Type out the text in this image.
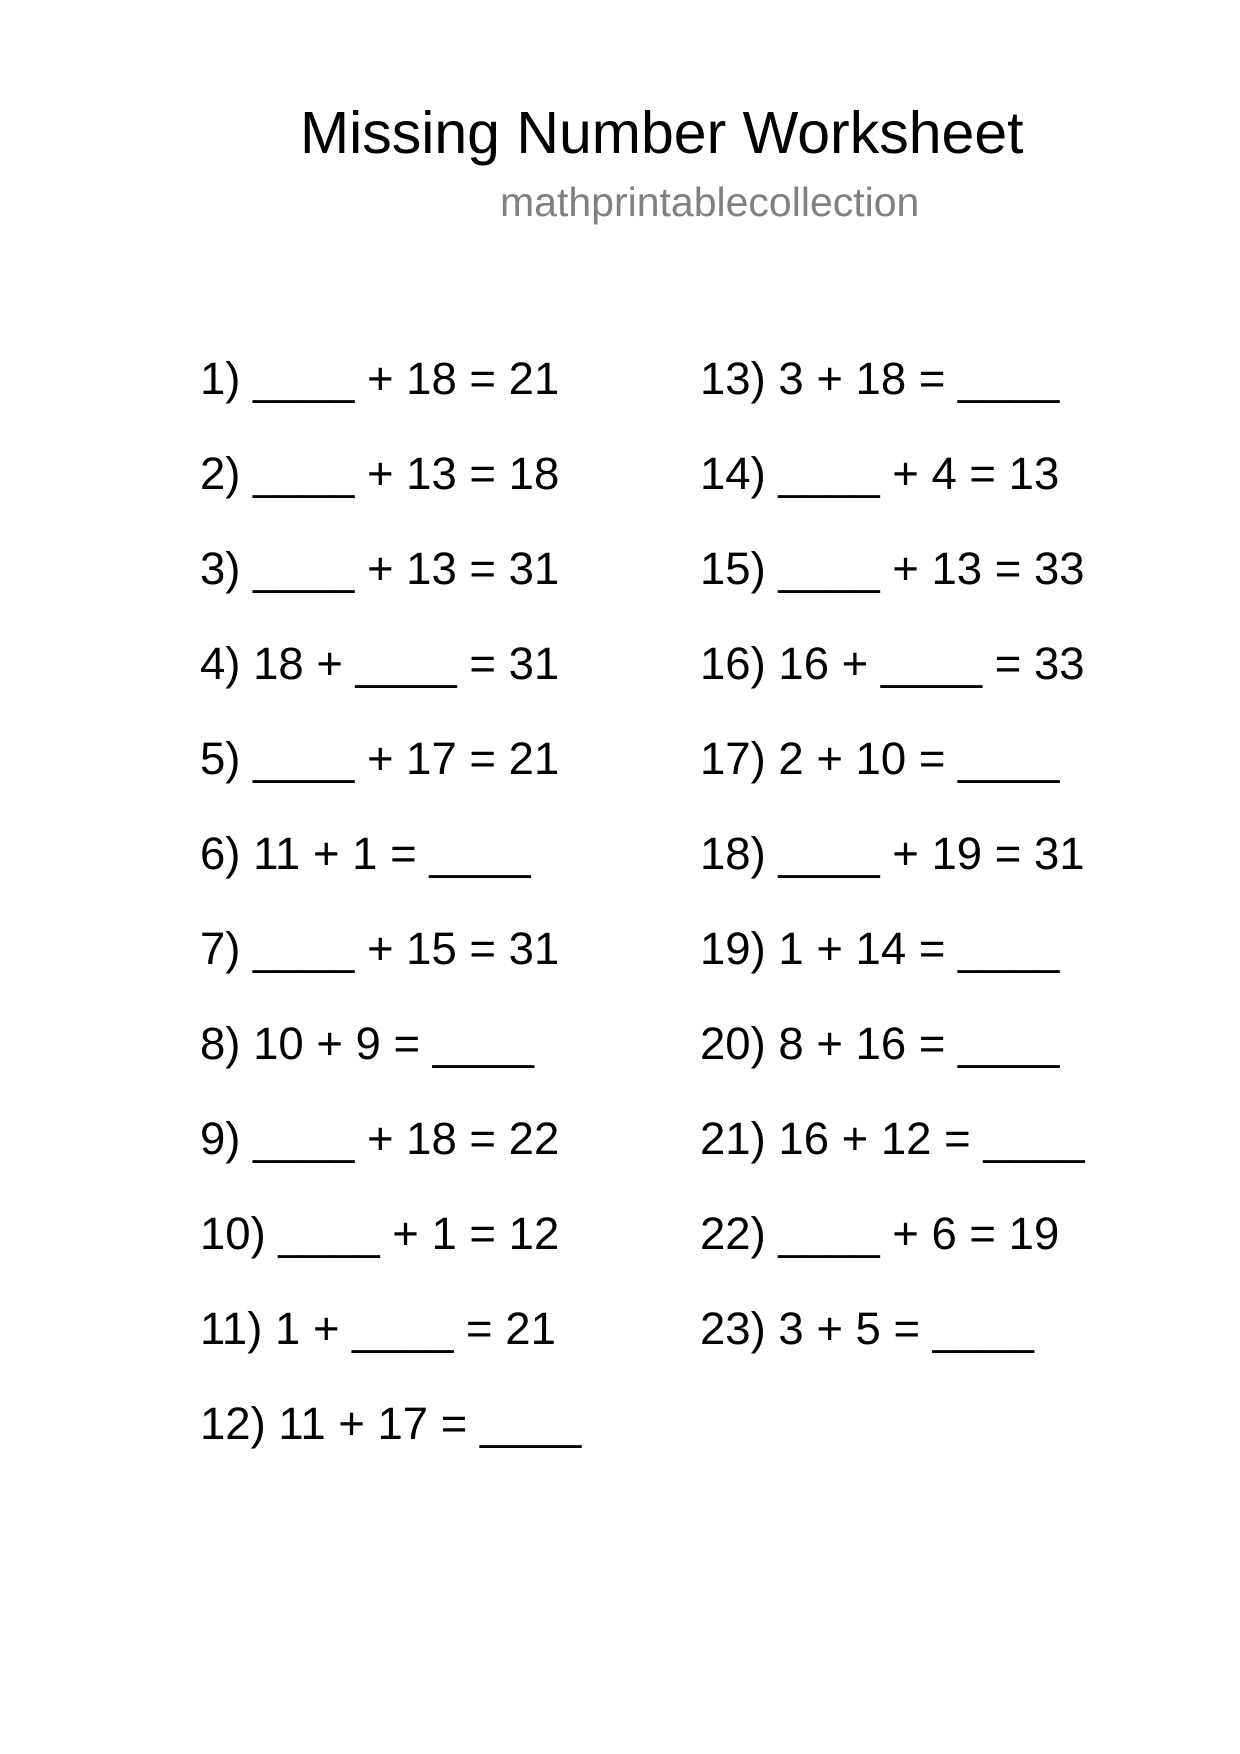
Missing Number Worksheet
mathprintablecollection
1) ____ + 18 = 21
2) ____ + 13 = 18
3) ____ + 13 = 31
4) 18 + ____ = 31
5) ____ + 17 = 21
6) 11 + 1 = ____
7) ____ + 15 = 31
8) 10 + 9 = ____
9) ____ + 18 = 22
10) ____ + 1 = 12
11) 1 + ____ = 21
12) 11 + 17 = ____
13) 3 + 18 = ____
14) ____ + 4 = 13
15) ____ + 13 = 33
16) 16 + ____ = 33
17) 2 + 10 = ____
18) ____ + 19 = 31
19) 1 + 14 = ____
20) 8 + 16 = ____
21) 16 + 12 = ____
22) ____ + 6 = 19
23) 3 + 5 = ____
